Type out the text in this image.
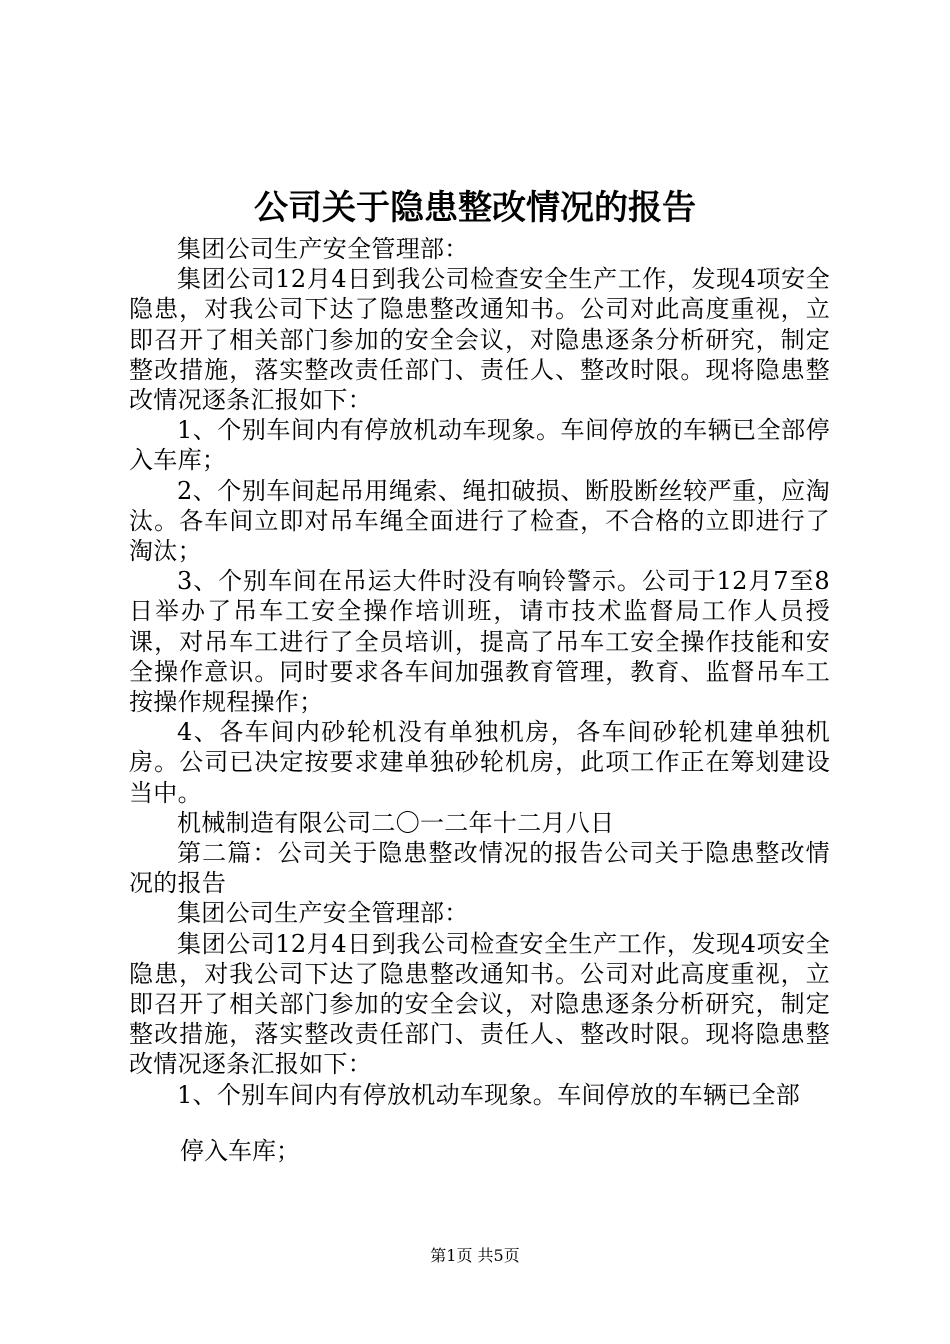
公司关于隐患整改情况的报告

集团公司生产安全管理部：

集团公司12月4日到我公司检查安全生产工作，发现4项安全隐患，对我公司下达了隐患整改通知书。公司对此高度重视，立即召开了相关部门参加的安全会议，对隐患逐条分析研究，制定整改措施，落实整改责任部门、责任人、整改时限。现将隐患整改情况逐条汇报如下：

1、个别车间内有停放机动车现象。车间停放的车辆已全部停入车库；

2、个别车间起吊用绳索、绳扣破损、断股断丝较严重，应淘汰。各车间立即对吊车绳全面进行了检查，不合格的立即进行了淘汰；

3、个别车间在吊运大件时没有响铃警示。公司于12月7至8日举办了吊车工安全操作培训班，请市技术监督局工作人员授课，对吊车工进行了全员培训，提高了吊车工安全操作技能和安全操作意识。同时要求各车间加强教育管理，教育、监督吊车工按操作规程操作；

4、各车间内砂轮机没有单独机房，各车间砂轮机建单独机房。公司已决定按要求建单独砂轮机房，此项工作正在筹划建设当中。

机械制造有限公司二〇一二年十二月八日

第二篇：公司关于隐患整改情况的报告公司关于隐患整改情况的报告

集团公司生产安全管理部：

集团公司12月4日到我公司检查安全生产工作，发现4项安全隐患，对我公司下达了隐患整改通知书。公司对此高度重视，立即召开了相关部门参加的安全会议，对隐患逐条分析研究，制定整改措施，落实整改责任部门、责任人、整改时限。现将隐患整改情况逐条汇报如下：

1、个别车间内有停放机动车现象。车间停放的车辆已全部

停入车库；
第1页 共5页
